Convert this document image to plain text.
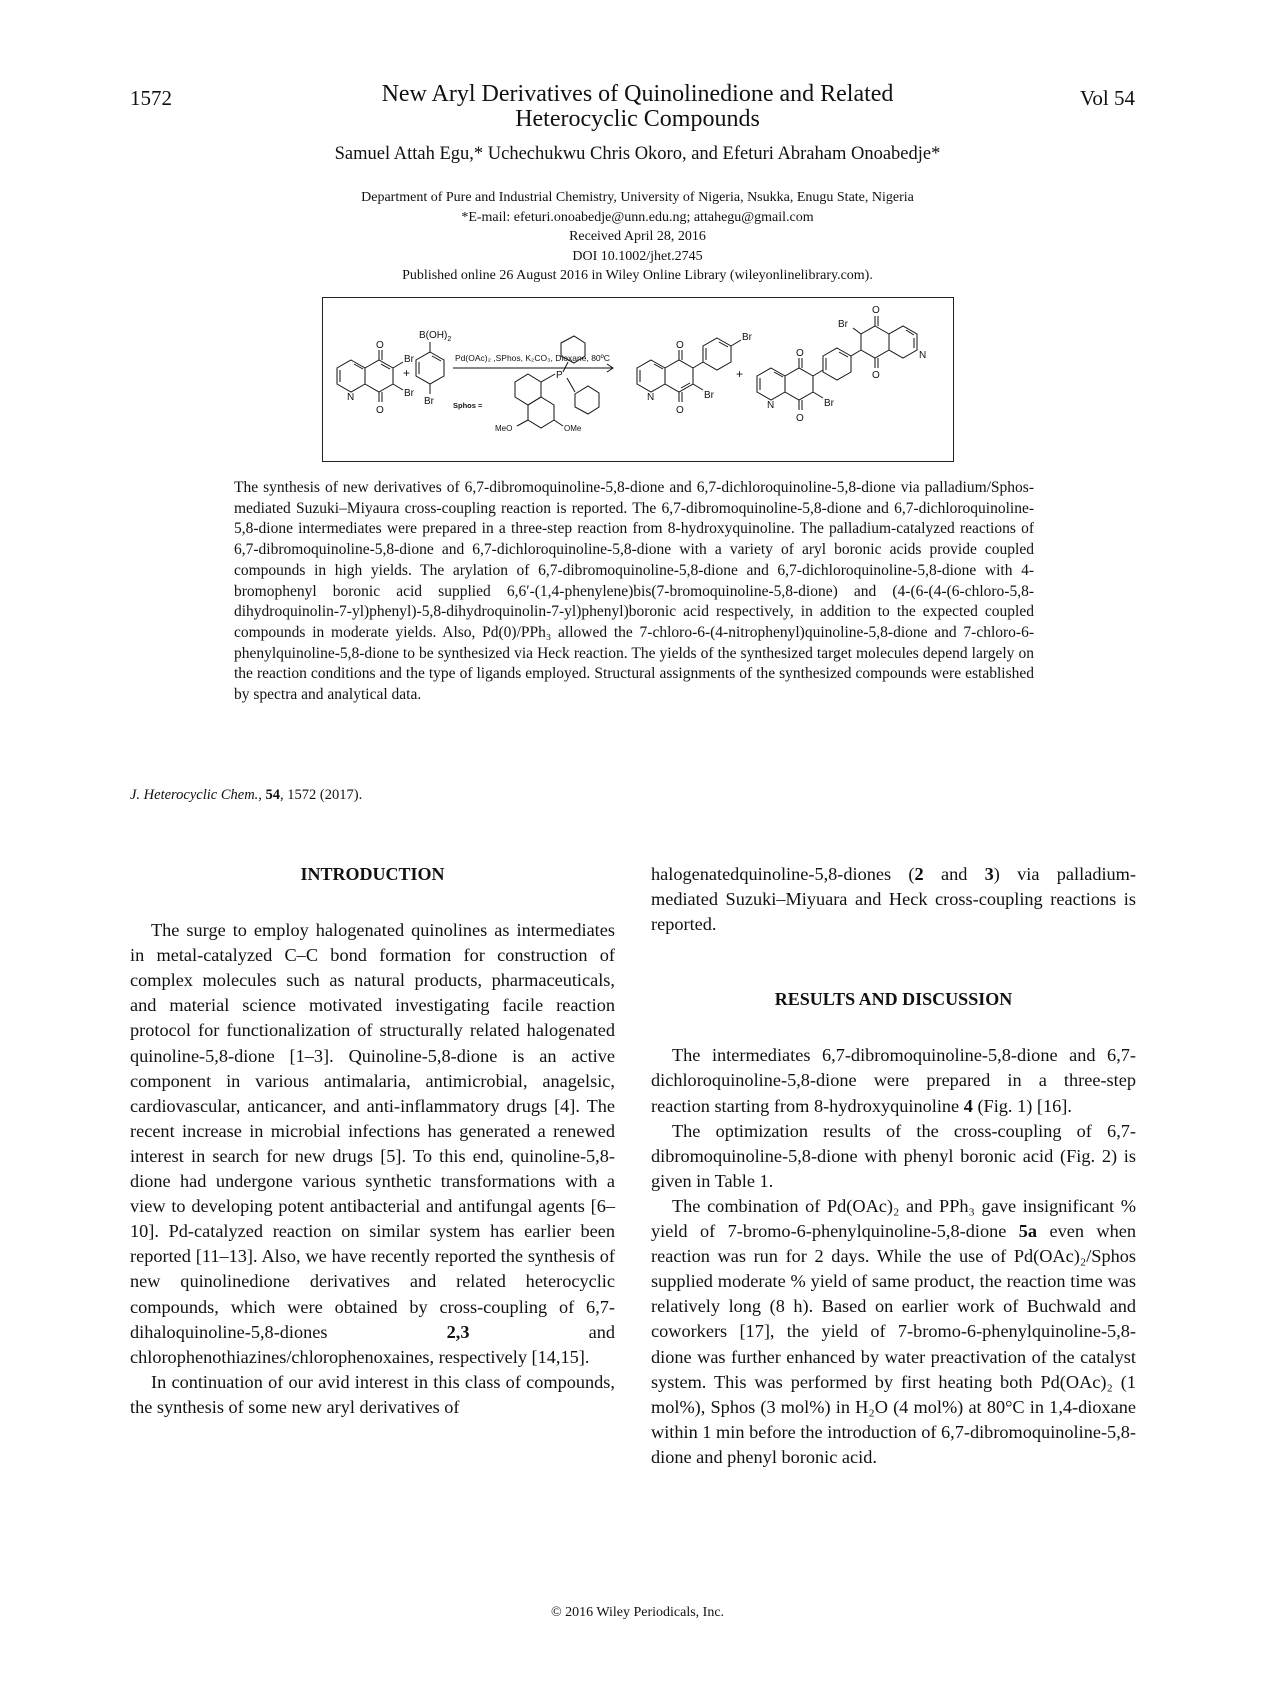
1572	Vol 54
New Aryl Derivatives of Quinolinedione and Related
Heterocyclic Compounds
Samuel Attah Egu,* Uchechukwu Chris Okoro, and Efeturi Abraham Onoabedje*
Department of Pure and Industrial Chemistry, University of Nigeria, Nsukka, Enugu State, Nigeria
*E-mail: efeturi.onoabedje@unn.edu.ng; attahegu@gmail.com
Received April 28, 2016
DOI 10.1002/jhet.2745
Published online 26 August 2016 in Wiley Online Library (wileyonlinelibrary.com).
N
O
O
Br
Br
+
$B(OH)_2$
Br
Pd(OAc)₂ ,SPhos, K₂CO₃, Dioxane, 80ºC
Sphos =
P
MeO	OMe
N
O
O
Br
Br
+
N
O
O
Br
O
O
Br
N
The synthesis of new derivatives of 6,7-dibromoquinoline-5,8-dione and 6,7-dichloroquinoline-5,8-dione via palladium/Sphos-mediated Suzuki–Miyaura cross-coupling reaction is reported. The 6,7-dibromoquinoline-5,8-dione and 6,7-dichloroquinoline-5,8-dione intermediates were prepared in a three-step reaction from 8-hydroxyquinoline. The palladium-catalyzed reactions of 6,7-dibromoquinoline-5,8-dione and 6,7-dichloroquinoline-5,8-dione with a variety of aryl boronic acids provide coupled compounds in high yields. The arylation of 6,7-dibromoquinoline-5,8-dione and 6,7-dichloroquinoline-5,8-dione with 4-bromophenyl boronic acid supplied 6,6′-(1,4-phenylene)bis(7-bromoquinoline-5,8-dione) and (4-(6-(4-(6-chloro-5,8-dihydroquinolin-7-yl)phenyl)-5,8-dihydroquinolin-7-yl)phenyl)boronic acid respectively, in addition to the expected coupled compounds in moderate yields. Also, Pd(0)/PPh₃ allowed the 7-chloro-6-(4-nitrophenyl)quinoline-5,8-dione and 7-chloro-6-phenylquinoline-5,8-dione to be synthesized via Heck reaction. The yields of the synthesized target molecules depend largely on the reaction conditions and the type of ligands employed. Structural assignments of the synthesized compounds were established by spectra and analytical data.
J. Heterocyclic Chem., 54, 1572 (2017).

INTRODUCTION

The surge to employ halogenated quinolines as intermediates in metal-catalyzed C–C bond formation for construction of complex molecules such as natural products, pharmaceuticals, and material science motivated investigating facile reaction protocol for functionalization of structurally related halogenated quinoline-5,8-dione [1–3]. Quinoline-5,8-dione is an active component in various antimalaria, antimicrobial, anagelsic, cardiovascular, anticancer, and anti-inflammatory drugs [4]. The recent increase in microbial infections has generated a renewed interest in search for new drugs [5]. To this end, quinoline-5,8-dione had undergone various synthetic transformations with a view to developing potent antibacterial and antifungal agents [6–10]. Pd-catalyzed reaction on similar system has earlier been reported [11–13]. Also, we have recently reported the synthesis of new quinolinedione derivatives and related heterocyclic compounds, which were obtained by cross-coupling of 6,7-dihaloquinoline-5,8-diones	2,3	and chlorophenothiazines/chlorophenoxaines, respectively [14,15].

In continuation of our avid interest in this class of compounds, the synthesis of some new aryl derivatives of

halogenatedquinoline-5,8-diones (2 and 3) via palladium-mediated Suzuki–Miyuara and Heck cross-coupling reactions is reported.

RESULTS AND DISCUSSION

The intermediates 6,7-dibromoquinoline-5,8-dione and 6,7-dichloroquinoline-5,8-dione were prepared in a three-step reaction starting from 8-hydroxyquinoline 4 (Fig. 1) [16].

The optimization results of the cross-coupling of 6,7-dibromoquinoline-5,8-dione with phenyl boronic acid (Fig. 2) is given in Table 1.

The combination of Pd(OAc)₂ and PPh₃ gave insignificant % yield of 7-bromo-6-phenylquinoline-5,8-dione 5a even when reaction was run for 2 days. While the use of Pd(OAc)₂/Sphos supplied moderate % yield of same product, the reaction time was relatively long (8 h). Based on earlier work of Buchwald and coworkers [17], the yield of 7-bromo-6-phenylquinoline-5,8-dione was further enhanced by water preactivation of the catalyst system. This was performed by first heating both Pd(OAc)₂ (1 mol%), Sphos (3 mol%) in H₂O (4 mol%) at 80°C in 1,4-dioxane within 1 min before the introduction of 6,7-dibromoquinoline-5,8-dione and phenyl boronic acid.

© 2016 Wiley Periodicals, Inc.
